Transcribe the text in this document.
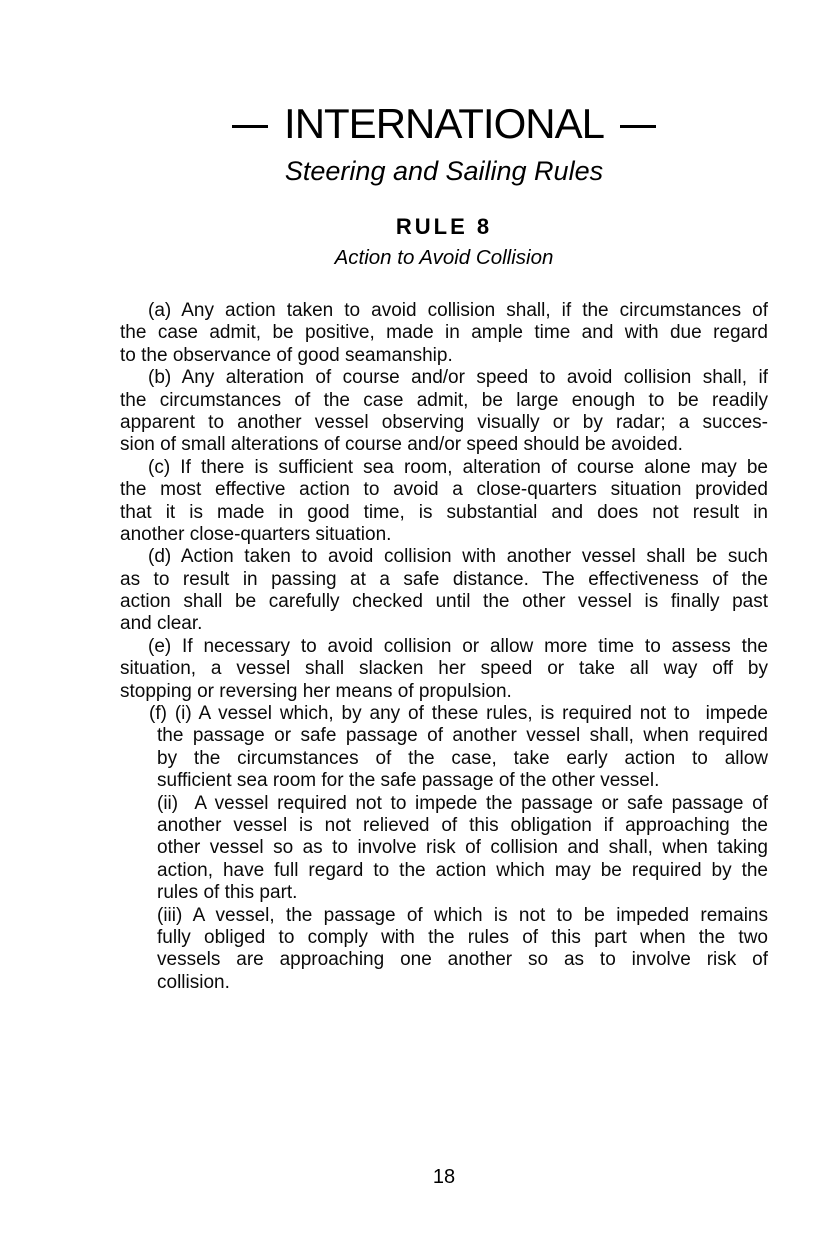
INTERNATIONAL
Steering and Sailing Rules
RULE 8
Action to Avoid Collision
(a) Any action taken to avoid collision shall, if the circumstances of
the case admit, be positive, made in ample time and with due regard
to the observance of good seamanship.
(b) Any alteration of course and/or speed to avoid collision shall, if
the circumstances of the case admit, be large enough to be readily
apparent to another vessel observing visually or by radar; a succes-
sion of small alterations of course and/or speed should be avoided.
(c) If there is sufficient sea room, alteration of course alone may be
the most effective action to avoid a close-quarters situation provided
that it is made in good time, is substantial and does not result in
another close-quarters situation.
(d) Action taken to avoid collision with another vessel shall be such
as to result in passing at a safe distance. The effectiveness of the
action shall be carefully checked until the other vessel is finally past
and clear.
(e) If necessary to avoid collision or allow more time to assess the
situation, a vessel shall slacken her speed or take all way off by
stopping or reversing her means of propulsion.
(f) (i) A vessel which, by any of these rules, is required not to  impede
the passage or safe passage of another vessel shall, when required
by the circumstances of the case, take early action to allow
sufficient sea room for the safe passage of the other vessel.
(ii)  A vessel required not to impede the passage or safe passage of
another vessel is not relieved of this obligation if approaching the
other vessel so as to involve risk of collision and shall, when taking
action, have full regard to the action which may be required by the
rules of this part.
(iii) A vessel, the passage of which is not to be impeded remains
fully obliged to comply with the rules of this part when the two
vessels are approaching one another so as to involve risk of
collision.
18
